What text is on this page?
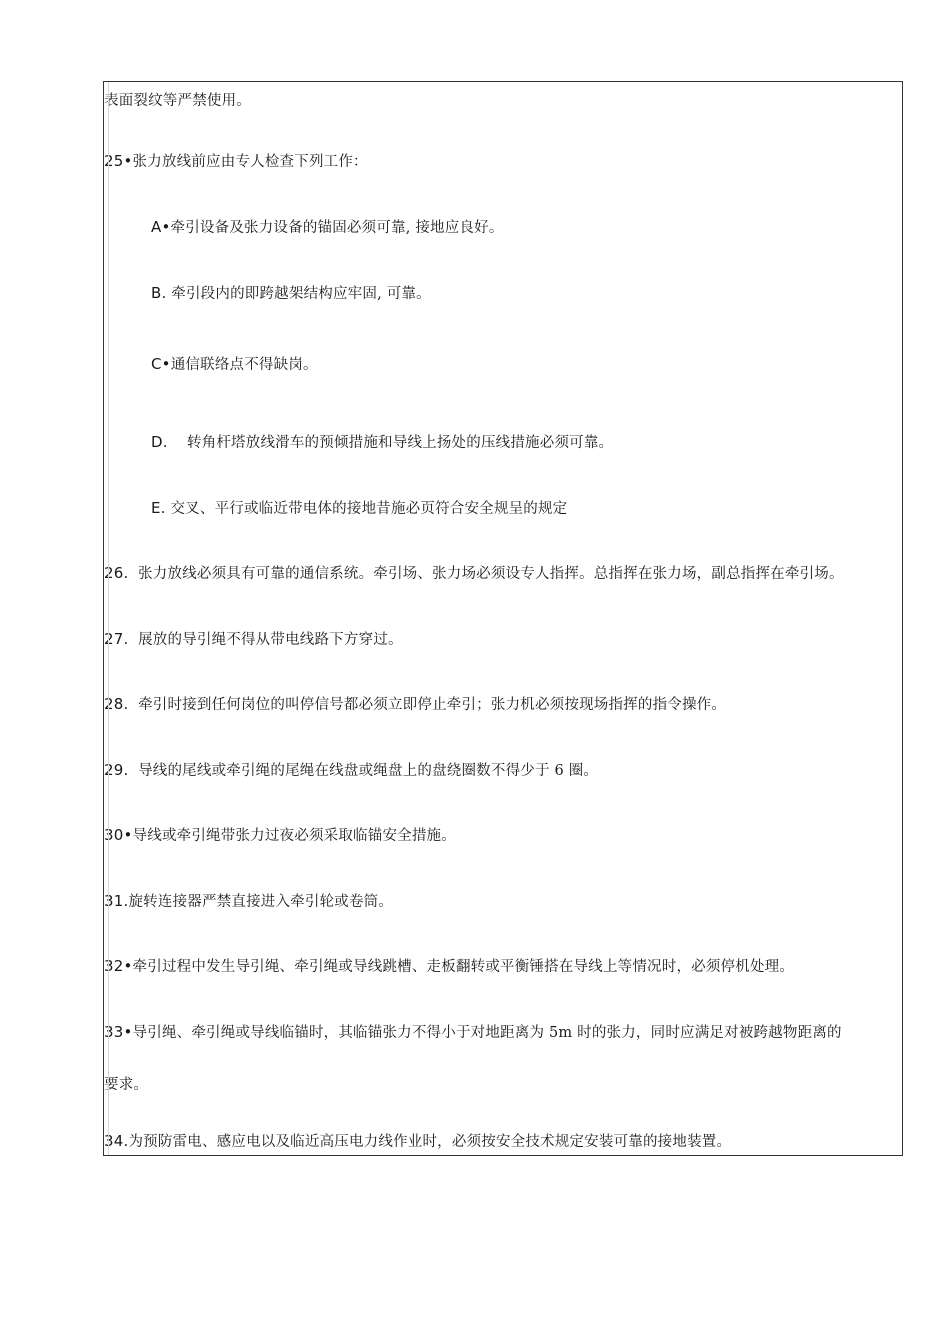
表面裂纹等严禁使用。
25•张力放线前应由专人检查下列工作：
A•牵引设备及张力设备的锚固必须可靠, 接地应良好。
B. 牵引段内的即跨越架结构应牢固, 可靠。
C•通信联络点不得缺岗。
D.    转角杆塔放线滑车的预倾措施和导线上扬处的压线措施必须可靠。
E. 交叉、平行或临近带电体的接地昔施必页符合安全规呈的规定
26.  张力放线必须具有可靠的通信系统。牵引场、张力场必须设专人指挥。总指挥在张力场，副总指挥在牵引场。
27.  展放的导引绳不得从带电线路下方穿过。
28.  牵引时接到任何岗位的叫停信号都必须立即停止牵引；张力机必须按现场指挥的指令操作。
29.  导线的尾线或牵引绳的尾绳在线盘或绳盘上的盘绕圈数不得少于 6 圈。
30•导线或牵引绳带张力过夜必须采取临锚安全措施。
31.旋转连接器严禁直接进入牵引轮或卷筒。
32•牵引过程中发生导引绳、牵引绳或导线跳槽、走板翻转或平衡锤搭在导线上等情况时，必须停机处理。
33•导引绳、牵引绳或导线临锚时，其临锚张力不得小于对地距离为 5m 时的张力，同时应满足对被跨越物距离的
要求。
34.为预防雷电、感应电以及临近高压电力线作业时，必须按安全技术规定安装可靠的接地装置。
